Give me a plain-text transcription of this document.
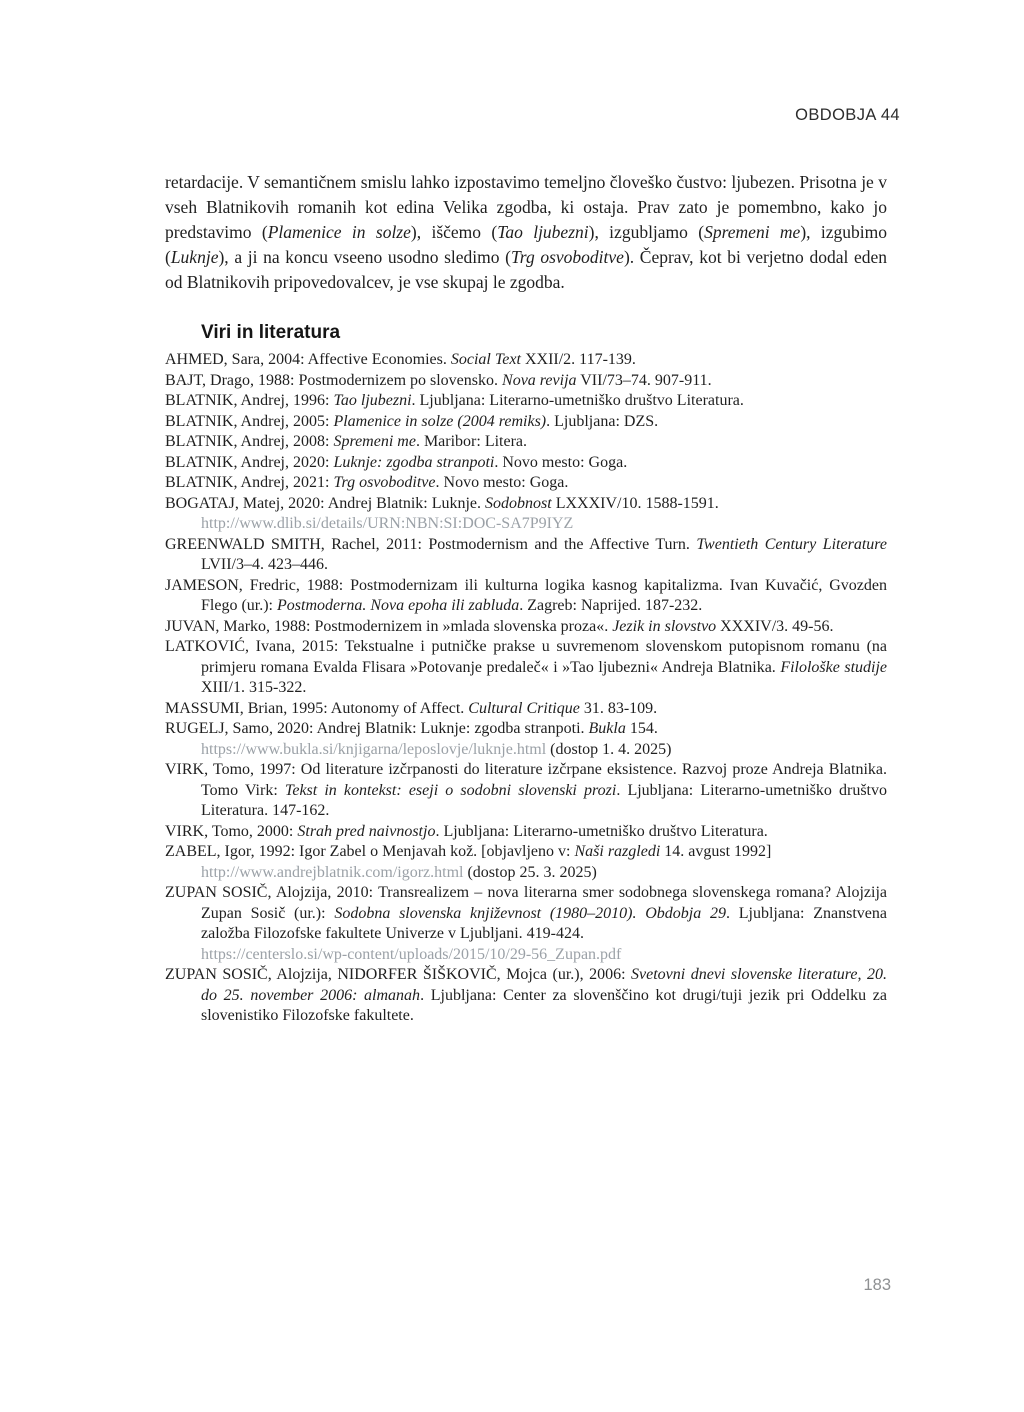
OBDOBJA 44

retardacije. V semantičnem smislu lahko izpostavimo temeljno človeško čustvo: ljubezen. Prisotna je v vseh Blatnikovih romanih kot edina Velika zgodba, ki ostaja. Prav zato je pomembno, kako jo predstavimo (Plamenice in solze), iščemo (Tao ljubezni), izgubljamo (Spremeni me), izgubimo (Luknje), a ji na koncu vseeno usodno sledimo (Trg osvoboditve). Čeprav, kot bi verjetno dodal eden od Blatnikovih pripovedovalcev, je vse skupaj le zgodba.

Viri in literatura

AHMED, Sara, 2004: Affective Economies. Social Text XXII/2. 117-139.

BAJT, Drago, 1988: Postmodernizem po slovensko. Nova revija VII/73–74. 907-911.

BLATNIK, Andrej, 1996: Tao ljubezni. Ljubljana: Literarno-umetniško društvo Literatura.

BLATNIK, Andrej, 2005: Plamenice in solze (2004 remiks). Ljubljana: DZS.

BLATNIK, Andrej, 2008: Spremeni me. Maribor: Litera.

BLATNIK, Andrej, 2020: Luknje: zgodba stranpoti. Novo mesto: Goga.

BLATNIK, Andrej, 2021: Trg osvoboditve. Novo mesto: Goga.

BOGATAJ, Matej, 2020: Andrej Blatnik: Luknje. Sodobnost LXXXIV/10. 1588-1591.
http://www.dlib.si/details/URN:NBN:SI:DOC-SA7P9IYZ

GREENWALD SMITH, Rachel, 2011: Postmodernism and the Affective Turn. Twentieth Century Literature LVII/3–4. 423–446.

JAMESON, Fredric, 1988: Postmodernizam ili kulturna logika kasnog kapitalizma. Ivan Kuvačić, Gvozden Flego (ur.): Postmoderna. Nova epoha ili zabluda. Zagreb: Naprijed. 187-232.

JUVAN, Marko, 1988: Postmodernizem in »mlada slovenska proza«. Jezik in slovstvo XXXIV/3. 49-56.

LATKOVIĆ, Ivana, 2015: Tekstualne i putničke prakse u suvremenom slovenskom putopisnom romanu (na primjeru romana Evalda Flisara »Potovanje predaleč« i »Tao ljubezni« Andreja Blatnika. Filološke studije XIII/1. 315-322.

MASSUMI, Brian, 1995: Autonomy of Affect. Cultural Critique 31. 83-109.

RUGELJ, Samo, 2020: Andrej Blatnik: Luknje: zgodba stranpoti. Bukla 154.
https://www.bukla.si/knjigarna/leposlovje/luknje.html (dostop 1. 4. 2025)

VIRK, Tomo, 1997: Od literature izčrpanosti do literature izčrpane eksistence. Razvoj proze Andreja Blatnika. Tomo Virk: Tekst in kontekst: eseji o sodobni slovenski prozi. Ljubljana: Literarno-umetniško društvo Literatura. 147-162.

VIRK, Tomo, 2000: Strah pred naivnostjo. Ljubljana: Literarno-umetniško društvo Literatura.

ZABEL, Igor, 1992: Igor Zabel o Menjavah kož. [objavljeno v: Naši razgledi 14. avgust 1992]
http://www.andrejblatnik.com/igorz.html (dostop 25. 3. 2025)

ZUPAN SOSIČ, Alojzija, 2010: Transrealizem – nova literarna smer sodobnega slovenskega romana? Alojzija Zupan Sosič (ur.): Sodobna slovenska književnost (1980–2010). Obdobja 29. Ljubljana: Znanstvena založba Filozofske fakultete Univerze v Ljubljani. 419-424.
https://centerslo.si/wp-content/uploads/2015/10/29-56_Zupan.pdf

ZUPAN SOSIČ, Alojzija, NIDORFER ŠIŠKOVIČ, Mojca (ur.), 2006: Svetovni dnevi slovenske literature, 20. do 25. november 2006: almanah. Ljubljana: Center za slovenščino kot drugi/tuji jezik pri Oddelku za slovenistiko Filozofske fakultete.

183
